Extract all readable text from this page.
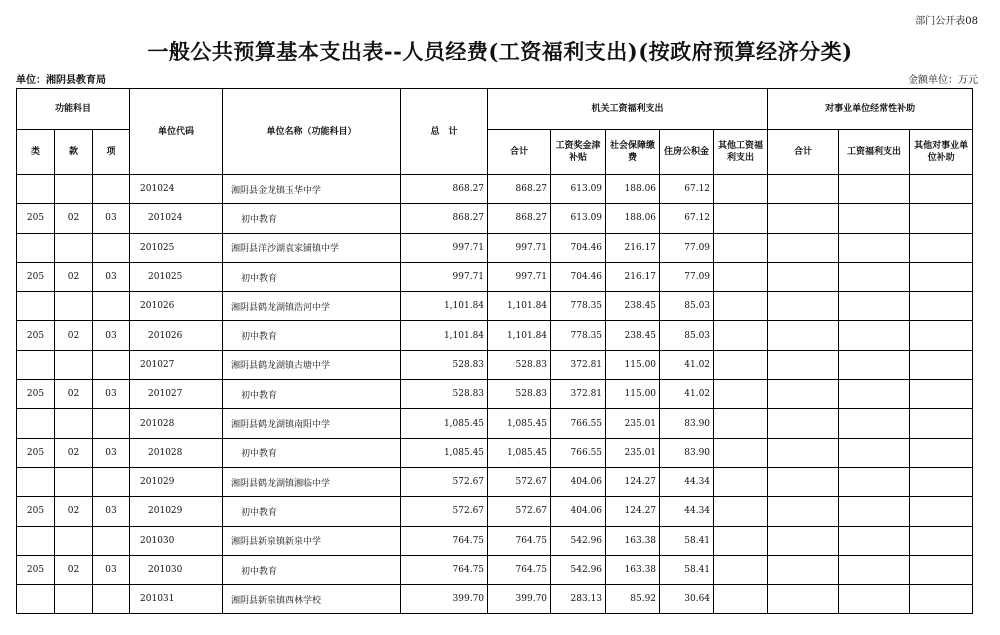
部门公开表08
一般公共预算基本支出表--人员经费(工资福利支出)(按政府预算经济分类)
单位：湘阴县教育局	金额单位：万元
功能科目			单位代码	单位名称（功能科目）	总　计	机关工资福利支出					对事业单位经常性补助		
类	款	项				合计	工资奖金津补贴	社会保障缴费	住房公积金	其他工资福利支出	合计	工资福利支出	其他对事业单位补助
			201024	湘阴县金龙镇玉华中学	868.27	868.27	613.09	188.06	67.12				
205	02	03	201024	初中教育	868.27	868.27	613.09	188.06	67.12				
			201025	湘阴县洋沙湖袁家铺镇中学	997.71	997.71	704.46	216.17	77.09				
205	02	03	201025	初中教育	997.71	997.71	704.46	216.17	77.09				
			201026	湘阴县鹤龙湖镇浩河中学	1,101.84	1,101.84	778.35	238.45	85.03				
205	02	03	201026	初中教育	1,101.84	1,101.84	778.35	238.45	85.03				
			201027	湘阴县鹤龙湖镇古塘中学	528.83	528.83	372.81	115.00	41.02				
205	02	03	201027	初中教育	528.83	528.83	372.81	115.00	41.02				
			201028	湘阴县鹤龙湖镇南阳中学	1,085.45	1,085.45	766.55	235.01	83.90				
205	02	03	201028	初中教育	1,085.45	1,085.45	766.55	235.01	83.90				
			201029	湘阴县鹤龙湖镇湘临中学	572.67	572.67	404.06	124.27	44.34				
205	02	03	201029	初中教育	572.67	572.67	404.06	124.27	44.34				
			201030	湘阴县新泉镇新泉中学	764.75	764.75	542.96	163.38	58.41				
205	02	03	201030	初中教育	764.75	764.75	542.96	163.38	58.41				
			201031	湘阴县新泉镇西林学校	399.70	399.70	283.13	85.92	30.64				
